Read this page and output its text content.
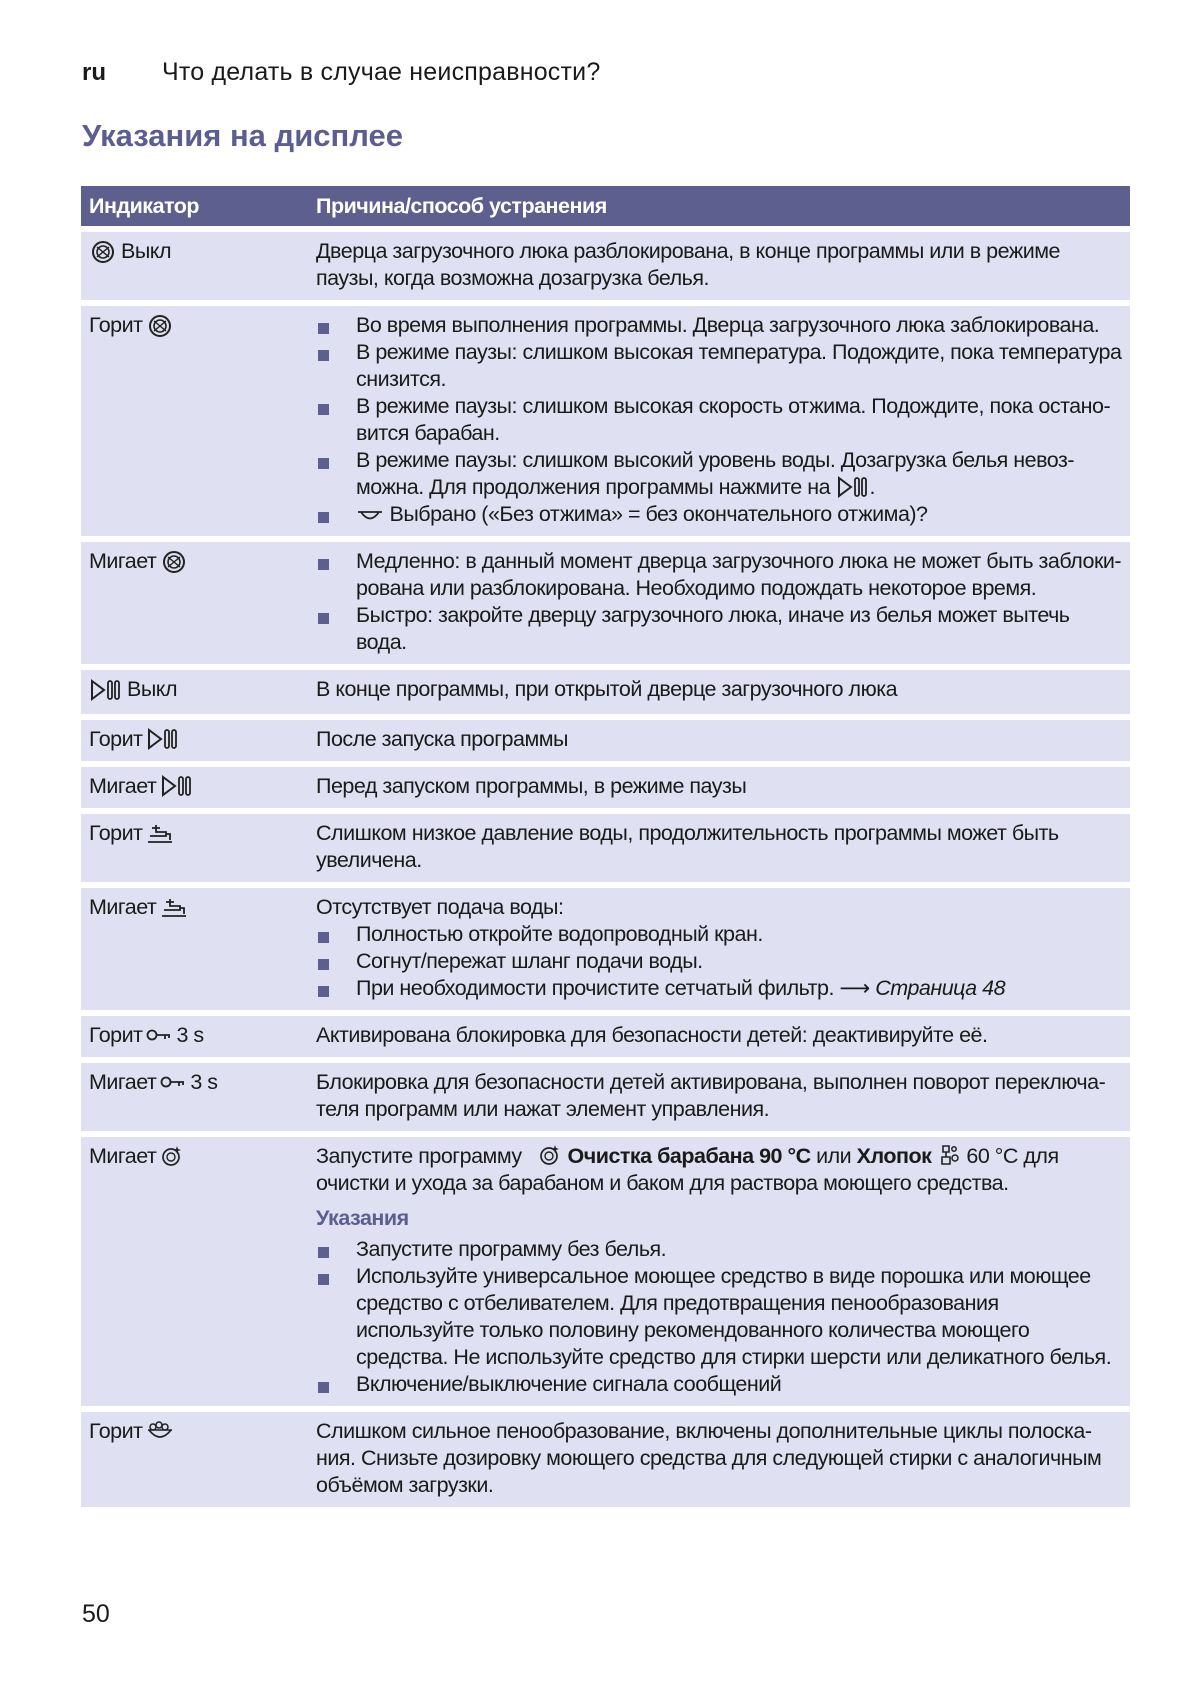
ru	Что делать в случае неисправности?
Указания на дисплее
Индикатор	Причина/способ устранения
Выкл	Дверца загрузочного люка разблокирована, в конце программы или в режиме паузы, когда возможна дозагрузка белья.
Горит	Во время выполнения программы. Дверца загрузочного люка заблокирована.
В режиме паузы: слишком высокая температура. Подождите, пока температура снизится.
В режиме паузы: слишком высокая скорость отжима. Подождите, пока остановится барабан.
В режиме паузы: слишком высокий уровень воды. Дозагрузка белья невозможна. Для продолжения программы нажмите на .
Выбрано («Без отжима» = без окончательного отжима)?
Мигает	Медленно: в данный момент дверца загрузочного люка не может быть заблокирована или разблокирована. Необходимо подождать некоторое время.
Быстро: закройте дверцу загрузочного люка, иначе из белья может вытечь вода.
Выкл	В конце программы, при открытой дверце загрузочного люка
Горит	После запуска программы
Мигает	Перед запуском программы, в режиме паузы
Горит	Слишком низкое давление воды, продолжительность программы может быть увеличена.
Мигает	Отсутствует подача воды:
Полностью откройте водопроводный кран.
Согнут/пережат шланг подачи воды.
При необходимости прочистите сетчатый фильтр. ⟶ Страница 48
Горит 3 s	Активирована блокировка для безопасности детей: деактивируйте её.
Мигает 3 s	Блокировка для безопасности детей активирована, выполнен поворот переключателя программ или нажат элемент управления.
Мигает	Запустите программу Очистка барабана 90 °C или Хлопок 60 °C для очистки и ухода за барабаном и баком для раствора моющего средства.
Указания
Запустите программу без белья.
Используйте универсальное моющее средство в виде порошка или моющее средство с отбеливателем. Для предотвращения пенообразования используйте только половину рекомендованного количества моющего средства. Не используйте средство для стирки шерсти или деликатного белья.
Включение/выключение сигнала сообщений
Горит	Слишком сильное пенообразование, включены дополнительные циклы полоскания. Снизьте дозировку моющего средства для следующей стирки с аналогичным объёмом загрузки.
50
